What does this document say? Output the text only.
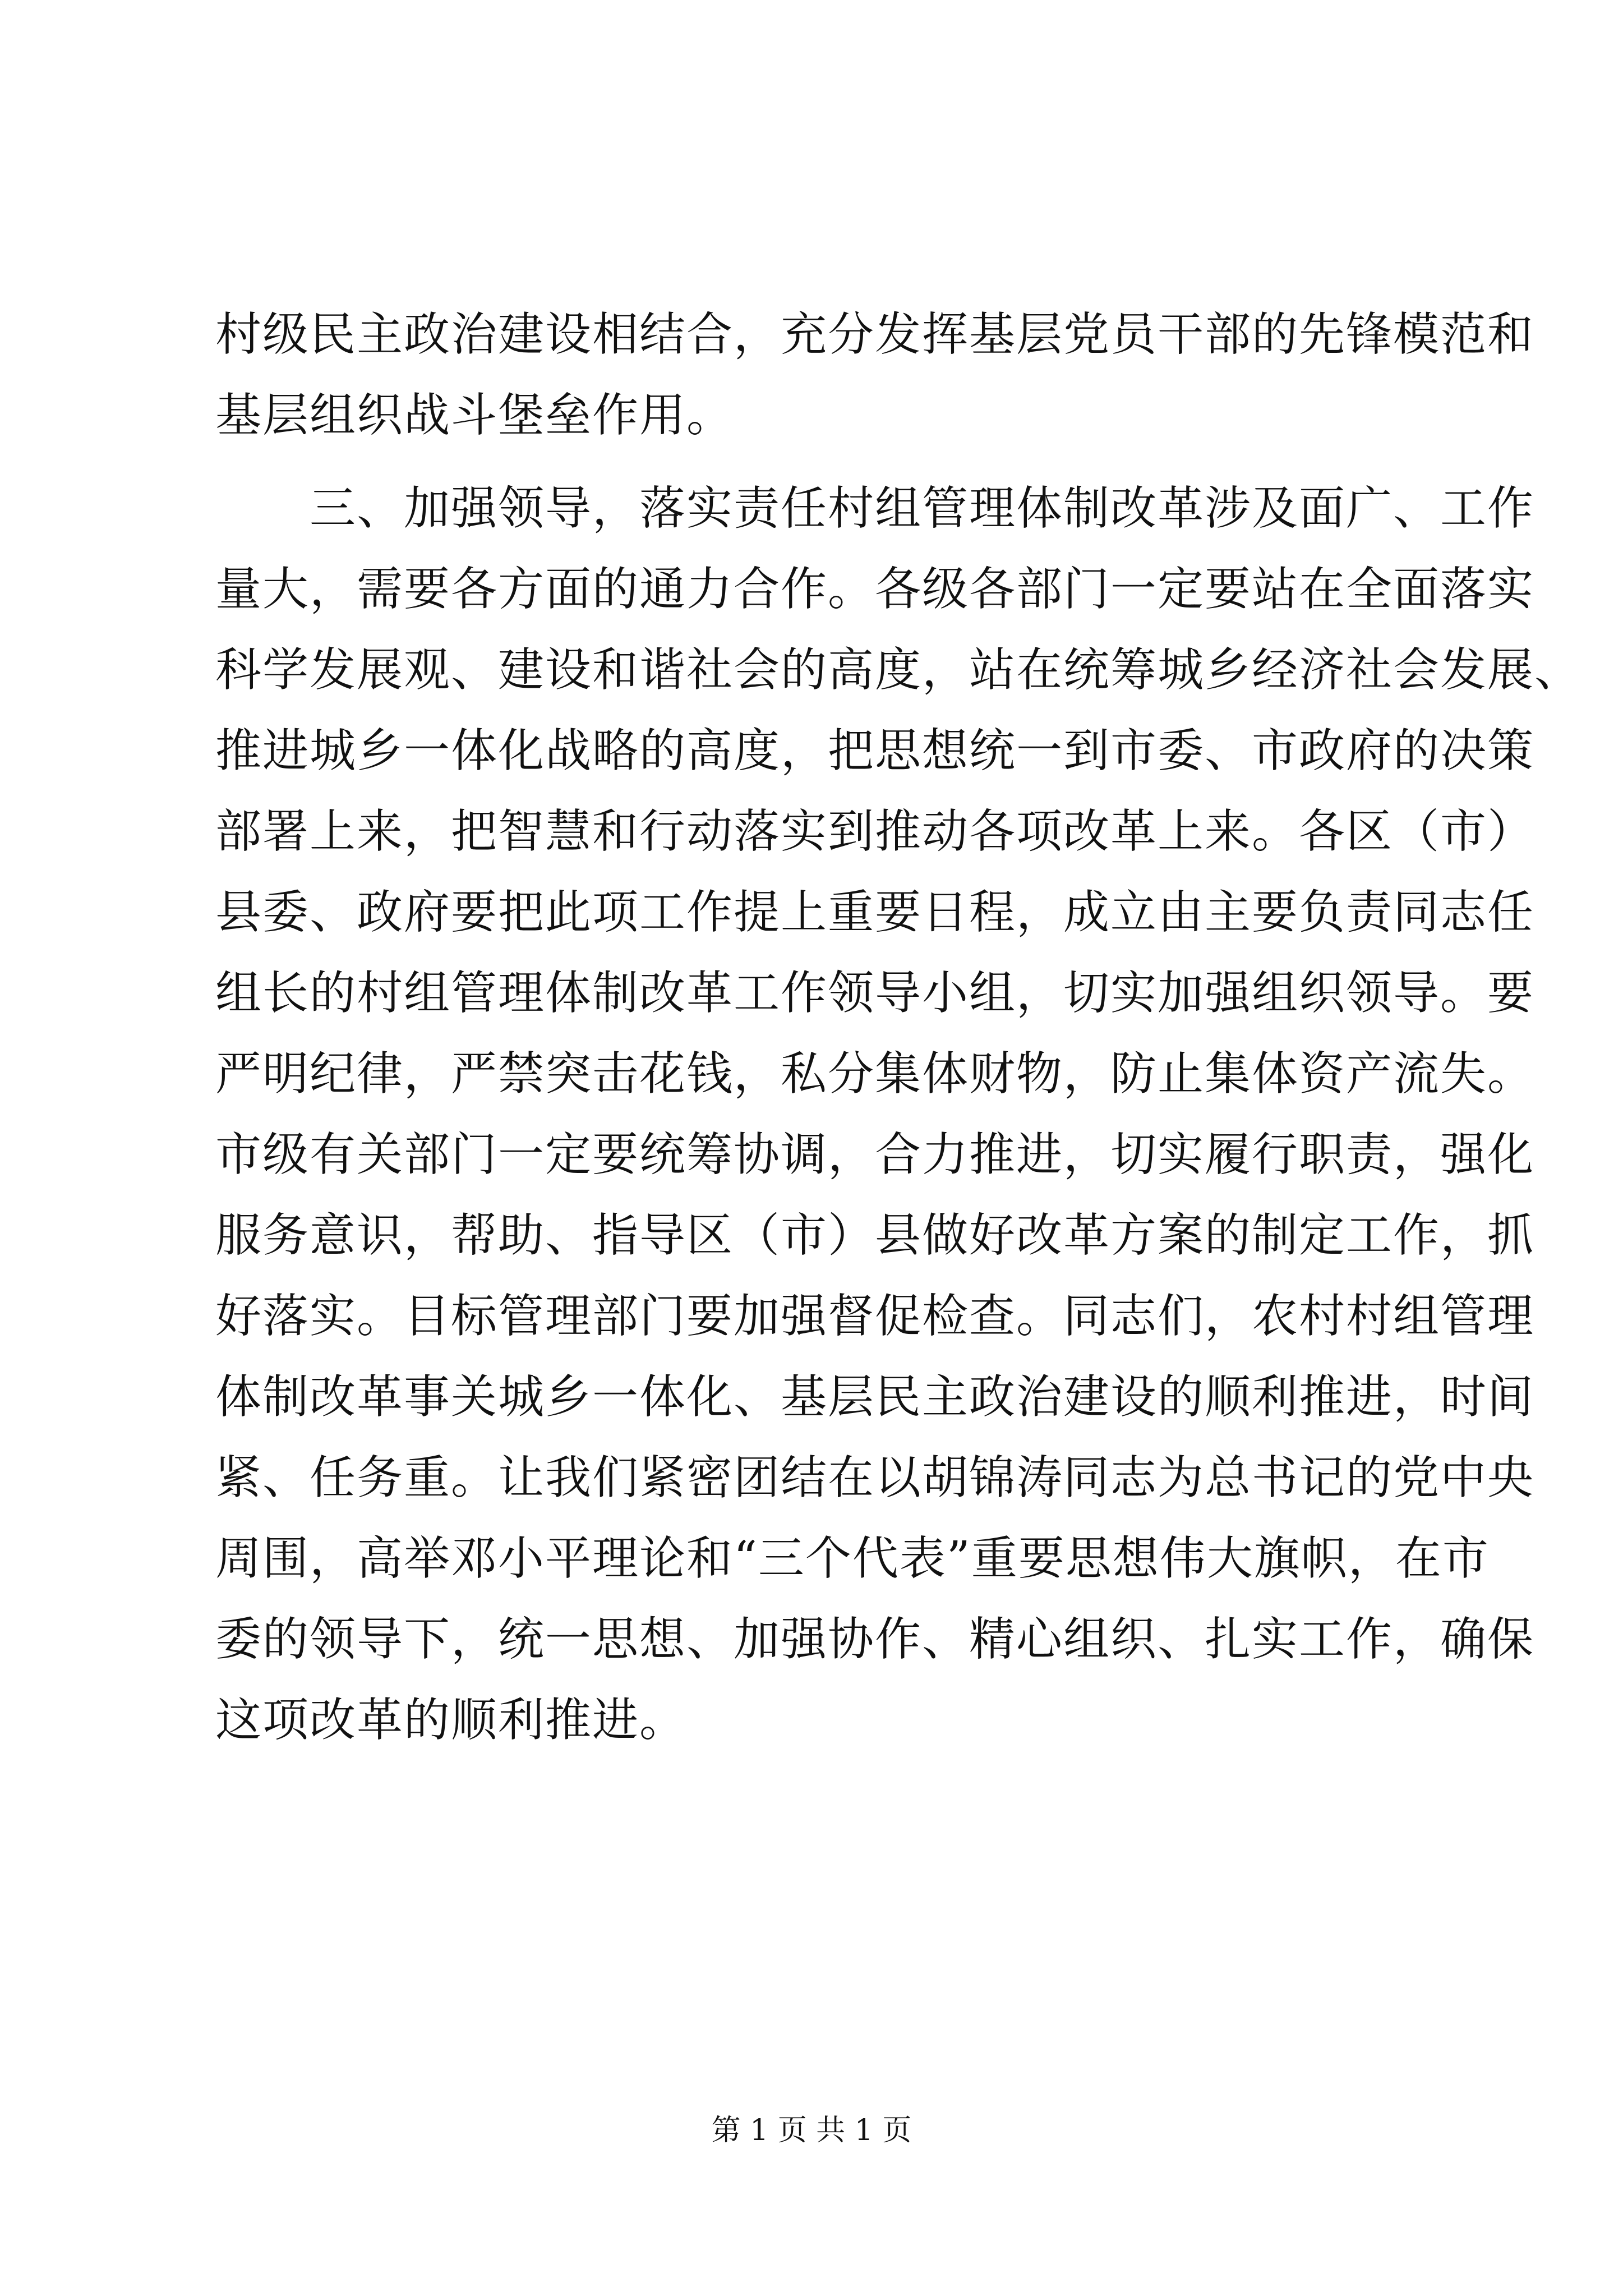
村级民主政治建设相结合，充分发挥基层党员干部的先锋模范和
基层组织战斗堡垒作用。
　　三、加强领导，落实责任村组管理体制改革涉及面广、工作
量大，需要各方面的通力合作。各级各部门一定要站在全面落实
科学发展观、建设和谐社会的高度，站在统筹城乡经济社会发展、
推进城乡一体化战略的高度，把思想统一到市委、市政府的决策
部署上来，把智慧和行动落实到推动各项改革上来。各区（市）
县委、政府要把此项工作提上重要日程，成立由主要负责同志任
组长的村组管理体制改革工作领导小组，切实加强组织领导。要
严明纪律，严禁突击花钱，私分集体财物，防止集体资产流失。
市级有关部门一定要统筹协调，合力推进，切实履行职责，强化
服务意识，帮助、指导区（市）县做好改革方案的制定工作，抓
好落实。目标管理部门要加强督促检查。同志们，农村村组管理
体制改革事关城乡一体化、基层民主政治建设的顺利推进，时间
紧、任务重。让我们紧密团结在以胡锦涛同志为总书记的党中央
周围，高举邓小平理论和“三个代表”重要思想伟大旗帜，在市
委的领导下，统一思想、加强协作、精心组织、扎实工作，确保
这项改革的顺利推进。
第 1 页 共 1 页
